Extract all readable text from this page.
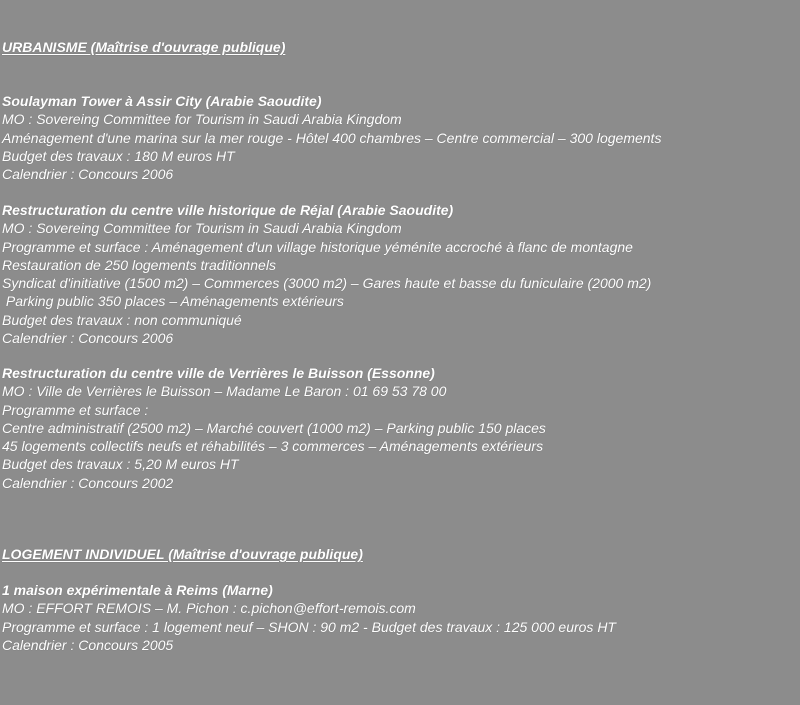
URBANISME (Maîtrise d'ouvrage publique)
Soulayman Tower à Assir City (Arabie Saoudite)
MO : Sovereing Committee for Tourism in Saudi Arabia Kingdom
Aménagement d'une marina sur la mer rouge - Hôtel 400 chambres – Centre commercial – 300 logements
Budget des travaux : 180 M euros HT
Calendrier : Concours 2006
Restructuration du centre ville historique de Réjal (Arabie Saoudite)
MO : Sovereing Committee for Tourism in Saudi Arabia Kingdom
Programme et surface : Aménagement d'un village historique yéménite accroché à flanc de montagne
Restauration de 250 logements traditionnels
Syndicat d'initiative (1500 m2) – Commerces (3000 m2) – Gares haute et basse du funiculaire (2000 m2)
Parking public 350 places – Aménagements extérieurs
Budget des travaux : non communiqué
Calendrier : Concours 2006
Restructuration du centre ville de Verrières le Buisson (Essonne)
MO : Ville de Verrières le Buisson – Madame Le Baron : 01 69 53 78 00
Programme et surface :
Centre administratif (2500 m2) – Marché couvert (1000 m2) – Parking public 150 places
45 logements collectifs neufs et réhabilités – 3 commerces – Aménagements extérieurs
Budget des travaux : 5,20 M euros HT
Calendrier : Concours 2002
LOGEMENT INDIVIDUEL (Maîtrise d'ouvrage publique)
1 maison expérimentale à Reims (Marne)
MO : EFFORT REMOIS – M. Pichon : c.pichon@effort-remois.com
Programme et surface : 1 logement neuf – SHON : 90 m2 - Budget des travaux : 125 000 euros HT
Calendrier : Concours 2005
